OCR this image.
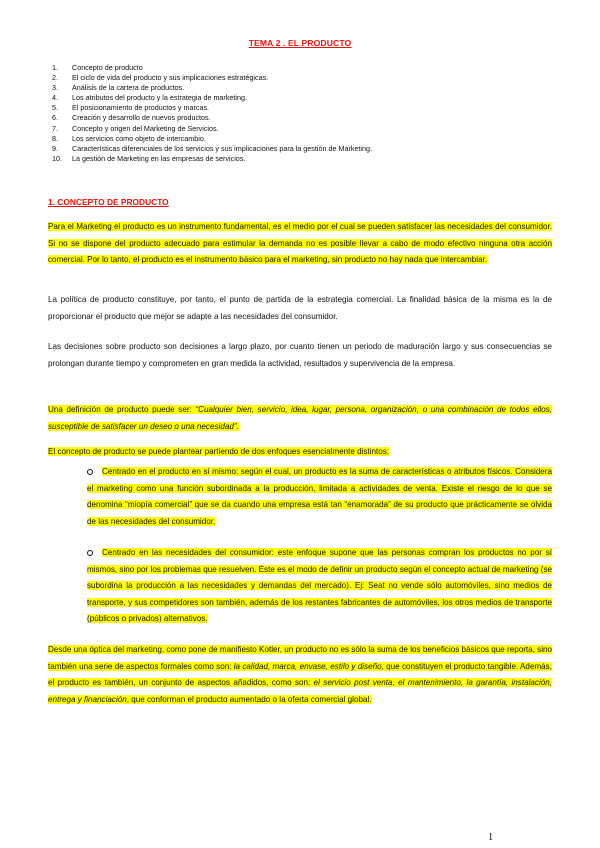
TEMA 2 . EL PRODUCTO
1. Concepto de producto
2. El ciclo de vida del producto y sus implicaciones estratégicas.
3. Análisis de la cartera de productos.
4. Los atributos del producto y la estrategia de marketing.
5. El posicionamiento de productos y marcas.
6. Creación y desarrollo de nuevos productos.
7. Concepto y origen del Marketing de Servicios.
8. Los servicios como objeto de intercambio.
9. Características diferenciales de los servicios y sus implicaciones para la gestión de Marketing.
10. La gestión de Marketing en las empresas de servicios.
1. CONCEPTO DE PRODUCTO

Para el Marketing el producto es un instrumento fundamental, es el medio por el cual se pueden satisfacer las necesidades del consumidor. Si no se dispone del producto adecuado para estimular la demanda no es posible llevar a cabo de modo efectivo ninguna otra acción comercial. Por lo tanto, el producto es el instrumento básico para el marketing, sin producto no hay nada que intercambiar.

La política de producto constituye, por tanto, el punto de partida de la estrategia comercial. La finalidad básica de la misma es la de proporcionar el producto que mejor se adapte a las necesidades del consumidor.

Las decisiones sobre producto son decisiones a largo plazo, por cuanto tienen un periodo de maduración largo y sus consecuencias se prolongan durante tiempo y comprometen en gran medida la actividad, resultados y supervivencia de la empresa.

Una definición de producto puede ser: “Cualquier bien, servicio, idea, lugar, persona, organización, o una combinación de todos ellos, susceptible de satisfacer un deseo o una necesidad”.

El concepto de producto se puede plantear partiendo de dos enfoques esencialmente distintos:

Centrado en el producto en sí mismo: según el cual, un producto es la suma de características o atributos físicos. Considera el marketing como una función subordinada a la producción, limitada a actividades de venta. Existe el riesgo de lo que se denomina “miopía comercial” que se da cuando una empresa está tan “enamorada” de su producto que prácticamente se olvida de las necesidades del consumidor.

Centrado en las necesidades del consumidor: este enfoque supone que las personas compran los productos no por sí mismos, sino por los problemas que resuelven. Éste es el modo de definir un producto según el concepto actual de marketing (se subordina la producción a las necesidades y demandas del mercado). Ej: Seat no vende sólo automóviles, sino medios de transporte, y sus competidores son también, además de los restantes fabricantes de automóviles, los otros medios de transporte (públicos o privados) alternativos.

Desde una óptica del marketing, como pone de manifiesto Kotler, un producto no es sólo la suma de los beneficios básicos que reporta, sino también una serie de aspectos formales como son: la calidad, marca, envase, estilo y diseño, que constituyen el producto tangible. Además, el producto es también, un conjunto de aspectos añadidos, como son: el servicio post venta, el mantenimiento, la garantía, instalación, entrega y financiación, que conforman el producto aumentado o la oferta comercial global.

1
